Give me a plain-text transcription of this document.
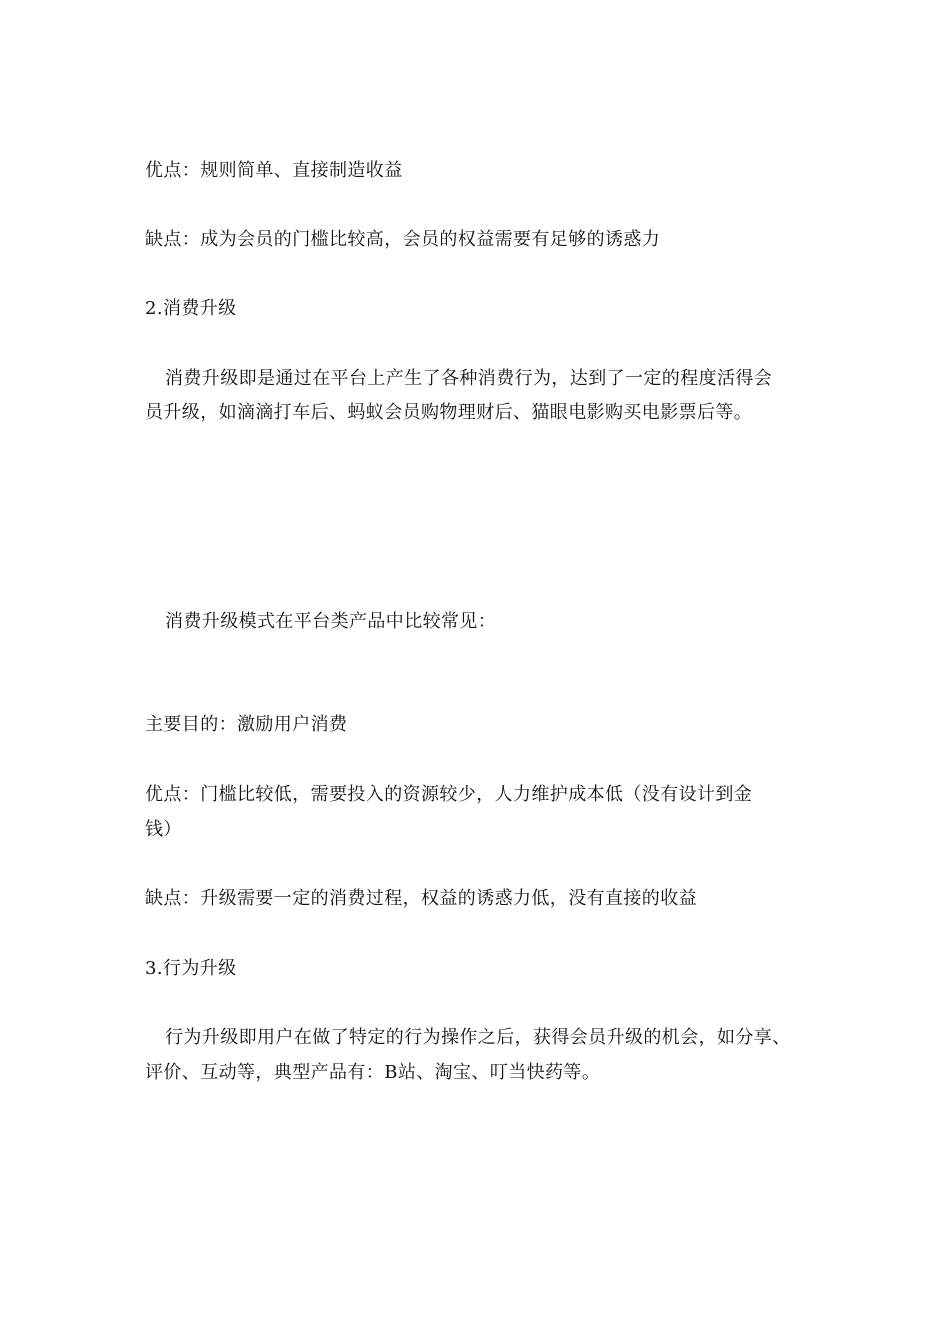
优点：规则简单、直接制造收益
缺点：成为会员的门槛比较高，会员的权益需要有足够的诱惑力
2.消费升级
消费升级即是通过在平台上产生了各种消费行为，达到了一定的程度活得会
员升级，如滴滴打车后、蚂蚁会员购物理财后、猫眼电影购买电影票后等。
消费升级模式在平台类产品中比较常见：
主要目的：激励用户消费
优点：门槛比较低，需要投入的资源较少，人力维护成本低（没有设计到金
钱）
缺点：升级需要一定的消费过程，权益的诱惑力低，没有直接的收益
3.行为升级
行为升级即用户在做了特定的行为操作之后，获得会员升级的机会，如分享、
评价、互动等，典型产品有：B站、淘宝、叮当快药等。
